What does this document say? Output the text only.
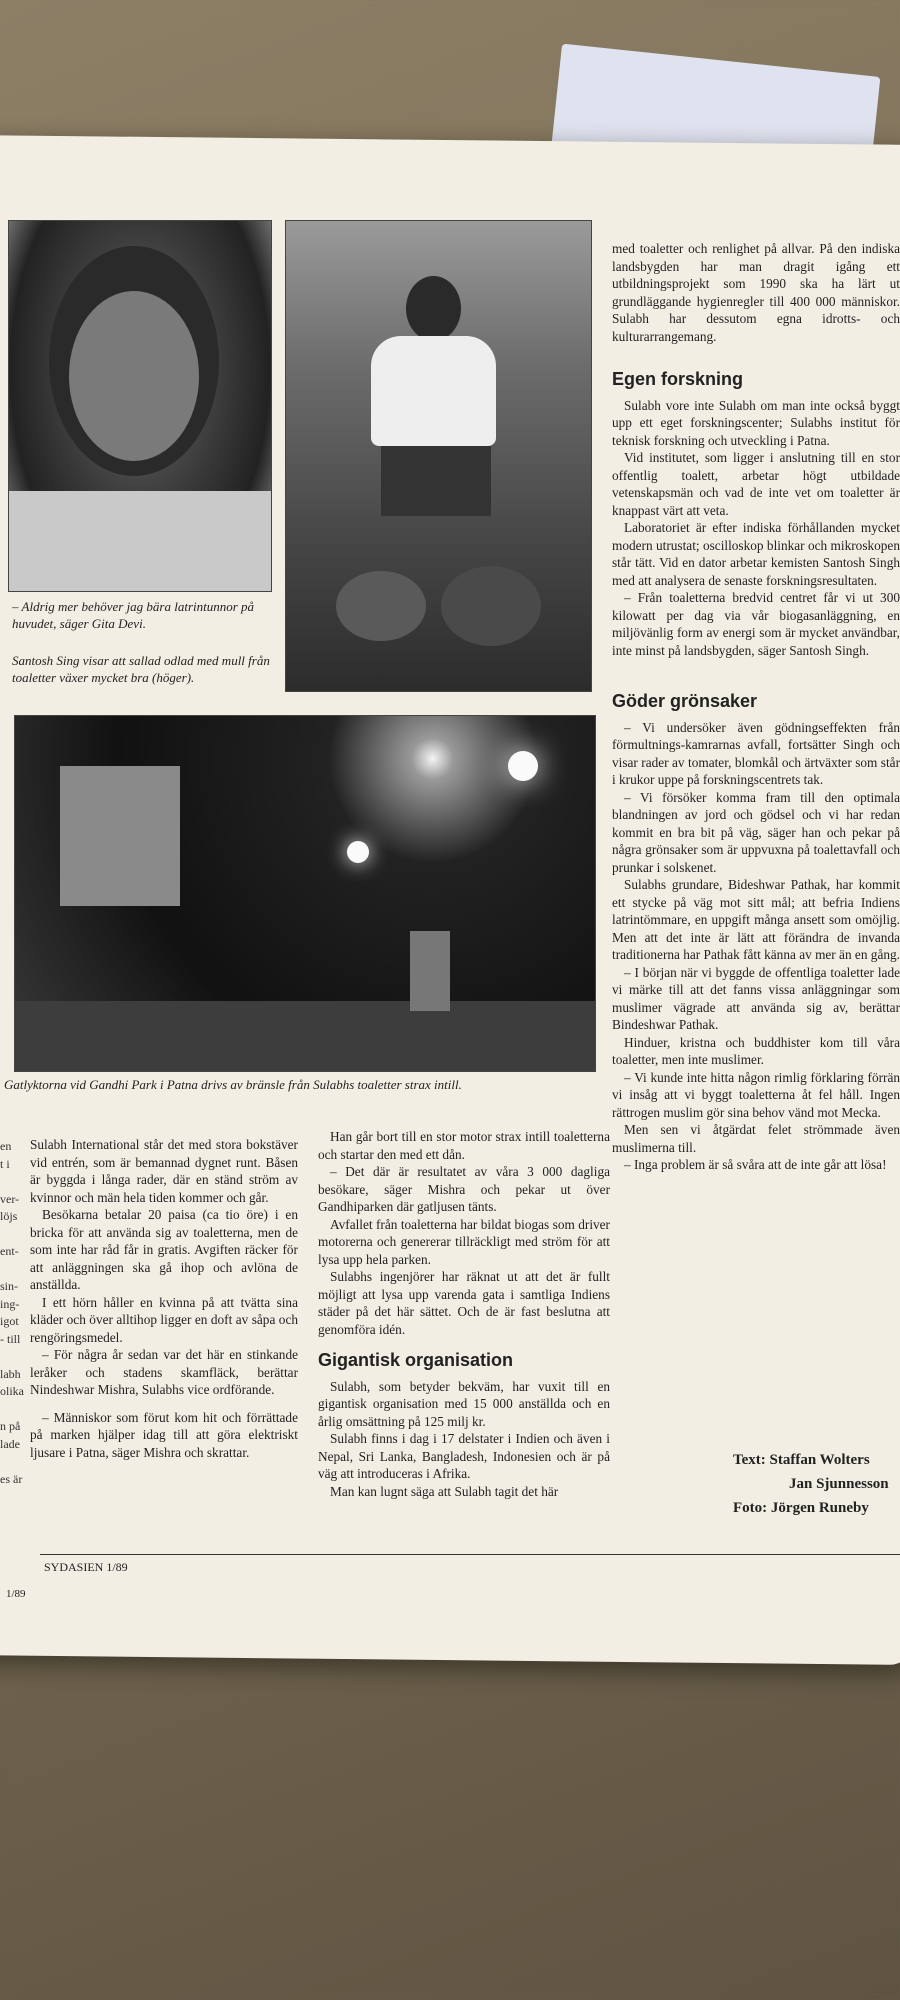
en
t i

ver-
löjs

ent-

sin-
ing-
igot
- till

labh
olika

n på
lade

es är
– Aldrig mer behöver jag bära latrintunnor på huvudet, säger Gita Devi.
Santosh Sing visar att sallad odlad med mull från toaletter växer mycket bra (höger).
Gatlyktorna vid Gandhi Park i Patna drivs av bränsle från Sulabhs toaletter strax intill.

Sulabh International står det med stora bokstäver vid entrén, som är bemannad dygnet runt. Båsen är byggda i långa rader, där en ständ ström av kvinnor och män hela tiden kommer och går.

Besökarna betalar 20 paisa (ca tio öre) i en bricka för att använda sig av toaletterna, men de som inte har råd får in gratis. Avgiften räcker för att anläggningen ska gå ihop och avlöna de anställda.

I ett hörn håller en kvinna på att tvätta sina kläder och över alltihop ligger en doft av såpa och rengöringsmedel.

– För några år sedan var det här en stinkande leråker och stadens skamfläck, berättar Nindeshwar Mishra, Sulabhs vice ordförande.

– Människor som förut kom hit och förrättade på marken hjälper idag till att göra elektriskt ljusare i Patna, säger Mishra och skrattar.

Han går bort till en stor motor strax intill toaletterna och startar den med ett dån.

– Det där är resultatet av våra 3 000 dagliga besökare, säger Mishra och pekar ut över Gandhiparken där gatljusen tänts.

Avfallet från toaletterna har bildat biogas som driver motorerna och genererar tillräckligt med ström för att lysa upp hela parken.

Sulabhs ingenjörer har räknat ut att det är fullt möjligt att lysa upp varenda gata i samtliga Indiens städer på det här sättet. Och de är fast beslutna att genomföra idén.

Gigantisk organisation

Sulabh, som betyder bekväm, har vuxit till en gigantisk organisation med 15 000 anställda och en årlig omsättning på 125 milj kr.

Sulabh finns i dag i 17 delstater i Indien och även i Nepal, Sri Lanka, Bangladesh, Indonesien och är på väg att introduceras i Afrika.

Man kan lugnt säga att Sulabh tagit det här

med toaletter och renlighet på allvar. På den indiska landsbygden har man dragit igång ett utbildningsprojekt som 1990 ska ha lärt ut grundläggande hygienregler till 400 000 människor. Sulabh har dessutom egna idrotts- och kulturarrangemang.

Egen forskning

Sulabh vore inte Sulabh om man inte också byggt upp ett eget forskningscenter; Sulabhs institut för teknisk forskning och utveckling i Patna.

Vid institutet, som ligger i anslutning till en stor offentlig toalett, arbetar högt utbildade vetenskapsmän och vad de inte vet om toaletter är knappast värt att veta.

Laboratoriet är efter indiska förhållanden mycket modern utrustat; oscilloskop blinkar och mikroskopen står tätt. Vid en dator arbetar kemisten Santosh Singh med att analysera de senaste forskningsresultaten.

– Från toaletterna bredvid centret får vi ut 300 kilowatt per dag via vår biogasanläggning, en miljövänlig form av energi som är mycket användbar, inte minst på landsbygden, säger Santosh Singh.

Göder grönsaker

– Vi undersöker även gödningseffekten från förmultnings-kamrarnas avfall, fortsätter Singh och visar rader av tomater, blomkål och ärtväxter som står i krukor uppe på forskningscentrets tak.

– Vi försöker komma fram till den optimala blandningen av jord och gödsel och vi har redan kommit en bra bit på väg, säger han och pekar på några grönsaker som är uppvuxna på toalettavfall och prunkar i solskenet.

Sulabhs grundare, Bideshwar Pathak, har kommit ett stycke på väg mot sitt mål; att befria Indiens latrintömmare, en uppgift många ansett som omöjlig. Men att det inte är lätt att förändra de invanda traditionerna har Pathak fått känna av mer än en gång.

– I början när vi byggde de offentliga toaletter lade vi märke till att det fanns vissa anläggningar som muslimer vägrade att använda sig av, berättar Bindeshwar Pathak.

Hinduer, kristna och buddhister kom till våra toaletter, men inte muslimer.

– Vi kunde inte hitta någon rimlig förklaring förrän vi insåg att vi byggt toaletterna åt fel håll. Ingen rättrogen muslim gör sina behov vänd mot Mecka.

Men sen vi åtgärdat felet strömmade även muslimerna till.

– Inga problem är så svåra att de inte går att lösa!

Text: Staffan Wolters
Jan Sjunnesson
Foto: Jörgen Runeby
SYDASIEN 1/89
1/89
